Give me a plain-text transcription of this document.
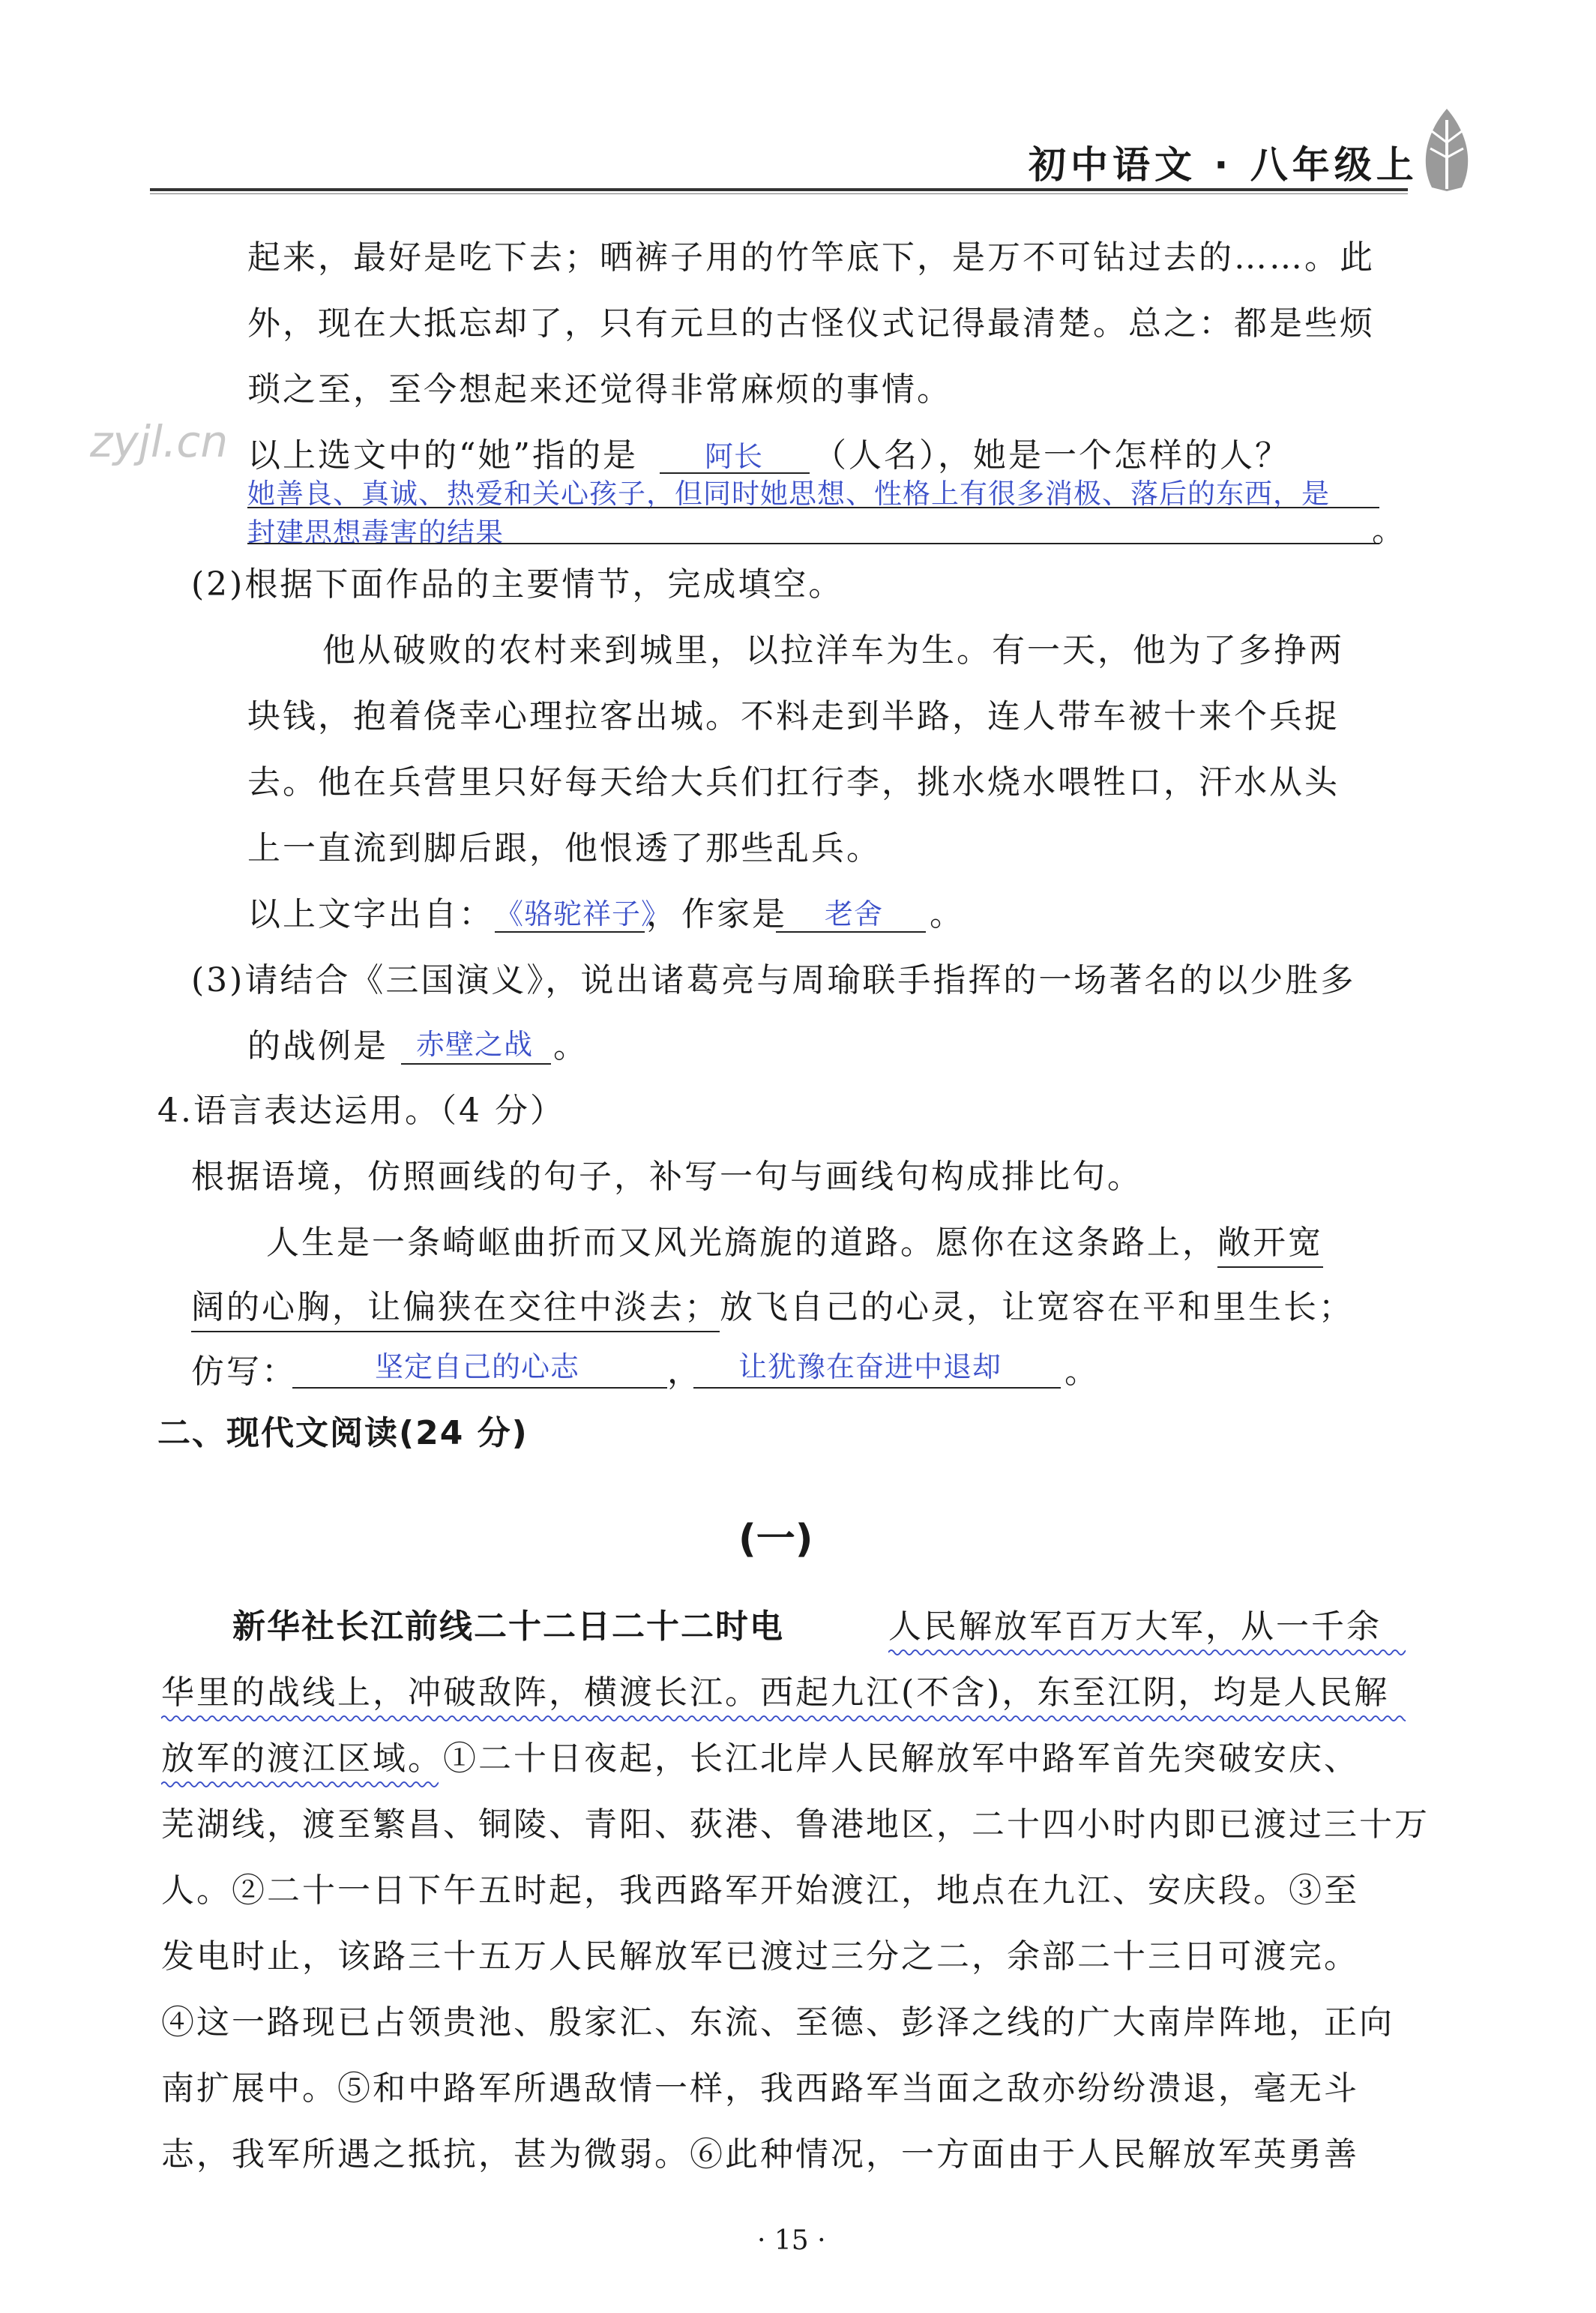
初中语文 · 八年级上
zyjl.cn
起来，最好是吃下去；晒裤子用的竹竿底下，是万不可钻过去的……。此
外，现在大抵忘却了，只有元旦的古怪仪式记得最清楚。总之：都是些烦
琐之至，至今想起来还觉得非常麻烦的事情。
以上选文中的“她”指的是 阿长 （人名），她是一个怎样的人？
她善良、真诚、热爱和关心孩子，但同时她思想、性格上有很多消极、落后的东西，是
封建思想毒害的结果	。
(2)根据下面作品的主要情节，完成填空。
他从破败的农村来到城里，以拉洋车为生。有一天，他为了多挣两
块钱，抱着侥幸心理拉客出城。不料走到半路，连人带车被十来个兵捉
去。他在兵营里只好每天给大兵们扛行李，挑水烧水喂牲口，汗水从头
上一直流到脚后跟，他恨透了那些乱兵。
以上文字出自： 《骆驼祥子》
，作家是 老舍 。
(3)请结合《三国演义》，说出诸葛亮与周瑜联手指挥的一场著名的以少胜多
的战例是 赤壁之战 。
4.语言表达运用。（4 分）
根据语境，仿照画线的句子，补写一句与画线句构成排比句。
人生是一条崎岖曲折而又风光旖旎的道路。愿你在这条路上，敞开宽
阔的心胸，让偏狭在交往中淡去；放飞自己的心灵，让宽容在平和里生长；
仿写：	坚定自己的心志	， 让犹豫在奋进中退却 。
二、现代文阅读(24 分)
(一)
新华社长江前线二十二日二十二时电	人民解放军百万大军，从一千余
华里的战线上，冲破敌阵，横渡长江。西起九江(不含)，东至江阴，均是人民解
放军的渡江区域。①二十日夜起，长江北岸人民解放军中路军首先突破安庆、
芜湖线，渡至繁昌、铜陵、青阳、荻港、鲁港地区，二十四小时内即已渡过三十万
人。②二十一日下午五时起，我西路军开始渡江，地点在九江、安庆段。③至
发电时止，该路三十五万人民解放军已渡过三分之二，余部二十三日可渡完。
④这一路现已占领贵池、殷家汇、东流、至德、彭泽之线的广大南岸阵地，正向
南扩展中。⑤和中路军所遇敌情一样，我西路军当面之敌亦纷纷溃退，毫无斗
志，我军所遇之抵抗，甚为微弱。⑥此种情况，一方面由于人民解放军英勇善
· 15 ·
